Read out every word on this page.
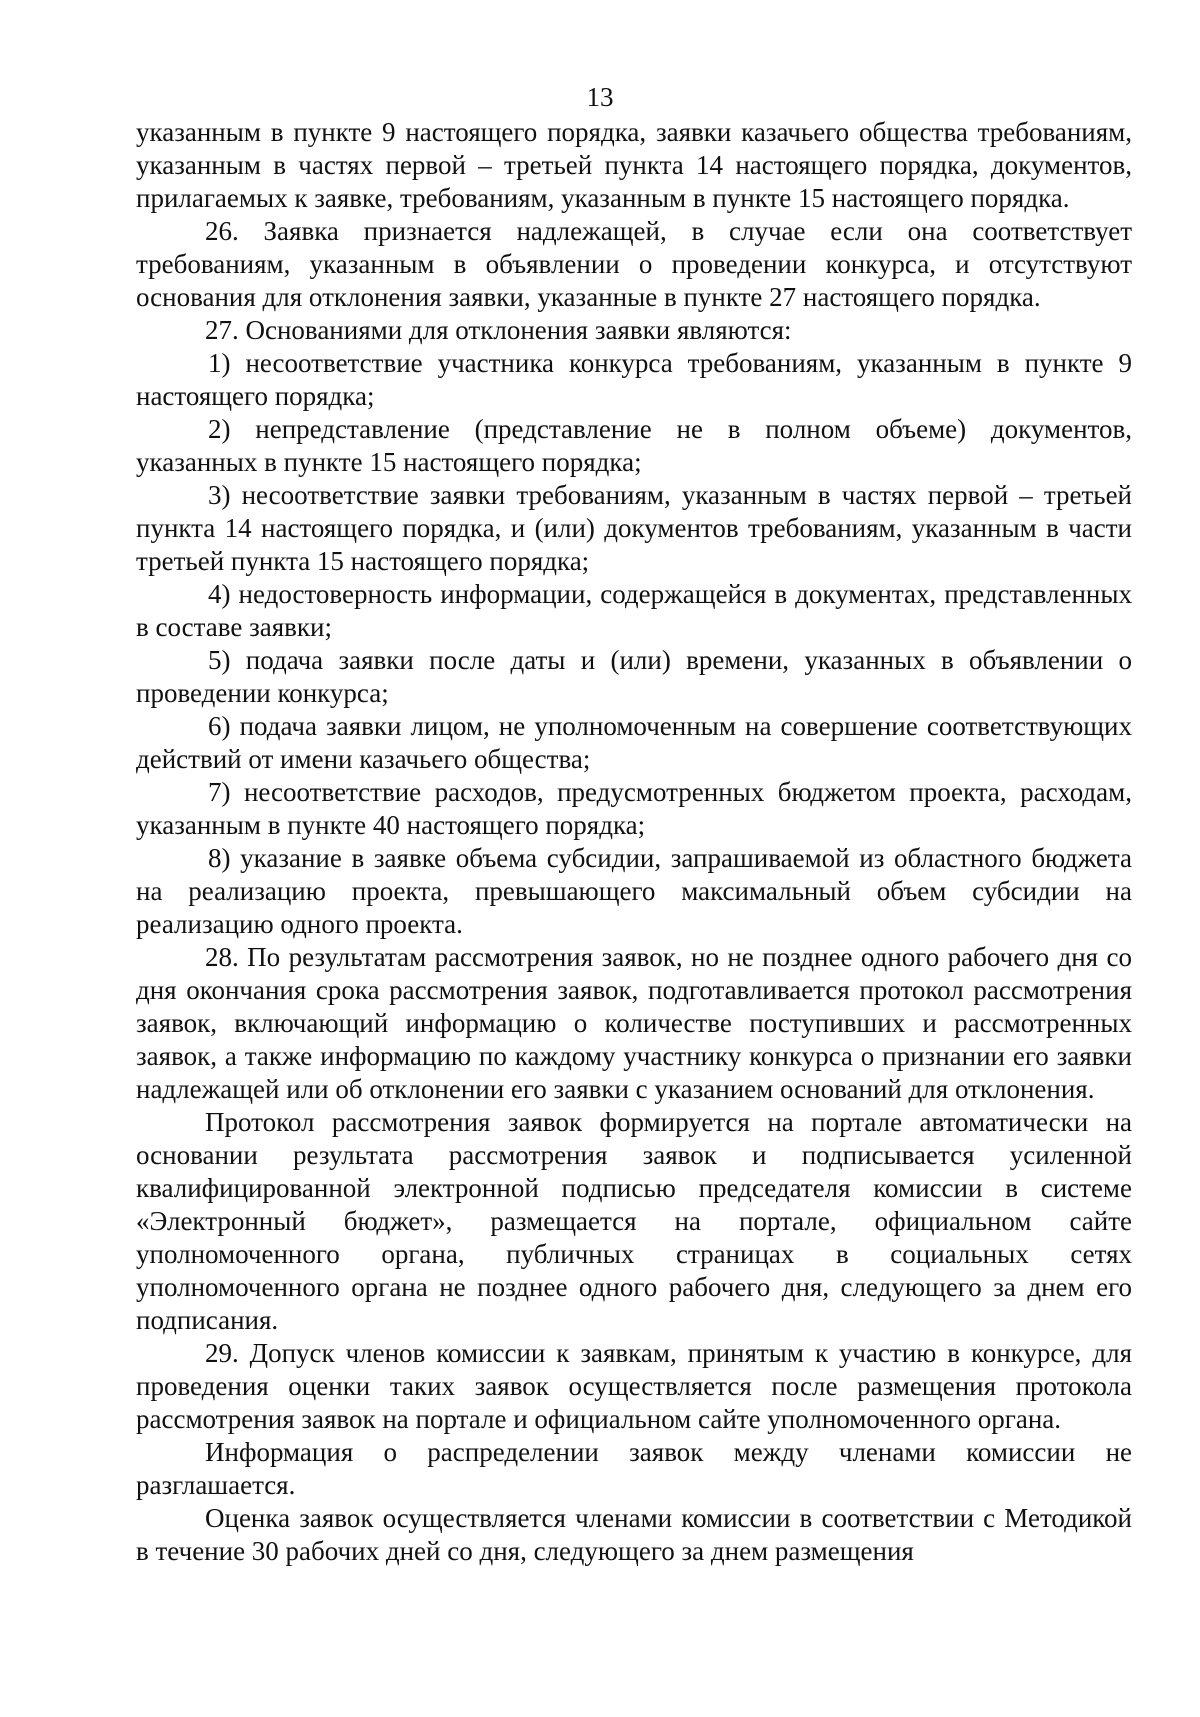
13

указанным в пункте 9 настоящего порядка, заявки казачьего общества требованиям, указанным в частях первой – третьей пункта 14 настоящего порядка, документов, прилагаемых к заявке, требованиям, указанным в пункте 15 настоящего порядка.

26. Заявка признается надлежащей, в случае если она соответствует требованиям, указанным в объявлении о проведении конкурса, и отсутствуют основания для отклонения заявки, указанные в пункте 27 настоящего порядка.

27. Основаниями для отклонения заявки являются:

1) несоответствие участника конкурса требованиям, указанным в пункте 9 настоящего порядка;

2) непредставление (представление не в полном объеме) документов, указанных в пункте 15 настоящего порядка;

3) несоответствие заявки требованиям, указанным в частях первой – третьей пункта 14 настоящего порядка, и (или) документов требованиям, указанным в части третьей пункта 15 настоящего порядка;

4) недостоверность информации, содержащейся в документах, представленных в составе заявки;

5) подача заявки после даты и (или) времени, указанных в объявлении о проведении конкурса;

6) подача заявки лицом, не уполномоченным на совершение соответствующих действий от имени казачьего общества;

7) несоответствие расходов, предусмотренных бюджетом проекта, расходам, указанным в пункте 40 настоящего порядка;

8) указание в заявке объема субсидии, запрашиваемой из областного бюджета на реализацию проекта, превышающего максимальный объем субсидии на реализацию одного проекта.

28. По результатам рассмотрения заявок, но не позднее одного рабочего дня со дня окончания срока рассмотрения заявок, подготавливается протокол рассмотрения заявок, включающий информацию о количестве поступивших и рассмотренных заявок, а также информацию по каждому участнику конкурса о признании его заявки надлежащей или об отклонении его заявки с указанием оснований для отклонения.

Протокол рассмотрения заявок формируется на портале автоматически на основании результата рассмотрения заявок и подписывается усиленной квалифицированной электронной подписью председателя комиссии в системе «Электронный бюджет», размещается на портале, официальном сайте уполномоченного органа, публичных страницах в социальных сетях уполномоченного органа не позднее одного рабочего дня, следующего за днем его подписания.

29. Допуск членов комиссии к заявкам, принятым к участию в конкурсе, для проведения оценки таких заявок осуществляется после размещения протокола рассмотрения заявок на портале и официальном сайте уполномоченного органа.

Информация о распределении заявок между членами комиссии не разглашается.

Оценка заявок осуществляется членами комиссии в соответствии с Методикой в течение 30 рабочих дней со дня, следующего за днем размещения
